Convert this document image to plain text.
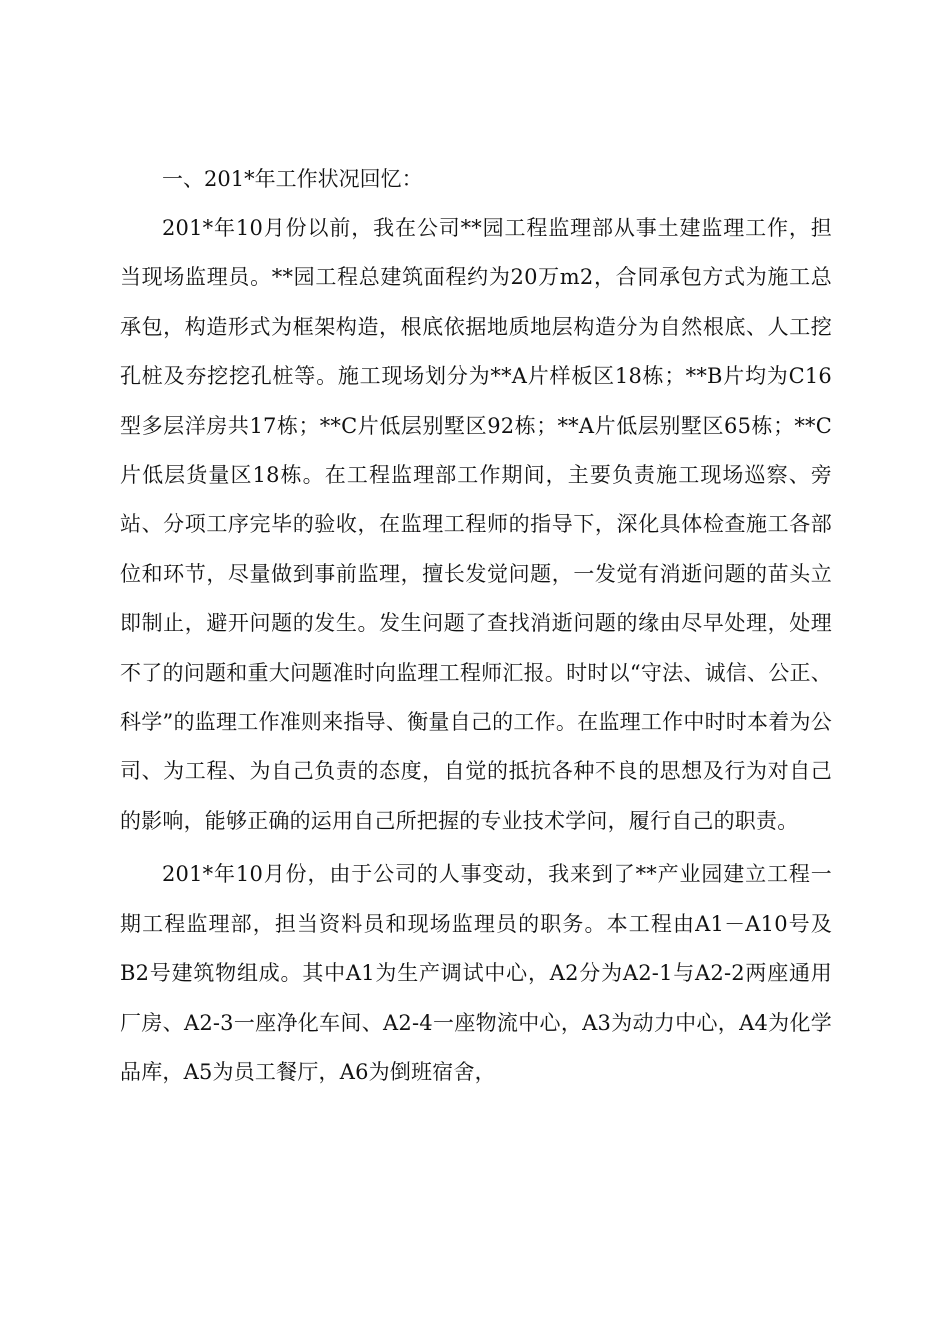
一、201*年工作状况回忆：

201*年10月份以前，我在公司**园工程监理部从事土建监理工作，担当现场监理员。**园工程总建筑面程约为20万m2，合同承包方式为施工总承包，构造形式为框架构造，根底依据地质地层构造分为自然根底、人工挖孔桩及夯挖挖孔桩等。施工现场划分为**A片样板区18栋；**B片均为C16型多层洋房共17栋；**C片低层别墅区92栋；**A片低层别墅区65栋；**C片低层货量区18栋。在工程监理部工作期间，主要负责施工现场巡察、旁站、分项工序完毕的验收，在监理工程师的指导下，深化具体检查施工各部位和环节，尽量做到事前监理，擅长发觉问题，一发觉有消逝问题的苗头立即制止，避开问题的发生。发生问题了查找消逝问题的缘由尽早处理，处理不了的问题和重大问题准时向监理工程师汇报。时时以“守法、诚信、公正、科学”的监理工作准则来指导、衡量自己的工作。在监理工作中时时本着为公司、为工程、为自己负责的态度，自觉的抵抗各种不良的思想及行为对自己的影响，能够正确的运用自己所把握的专业技术学问，履行自己的职责。

201*年10月份，由于公司的人事变动，我来到了**产业园建立工程一期工程监理部，担当资料员和现场监理员的职务。本工程由A1－A10号及B2号建筑物组成。其中A1为生产调试中心，A2分为A2-1与A2-2两座通用厂房、A2-3一座净化车间、A2-4一座物流中心，A3为动力中心，A4为化学品库，A5为员工餐厅，A6为倒班宿舍，
